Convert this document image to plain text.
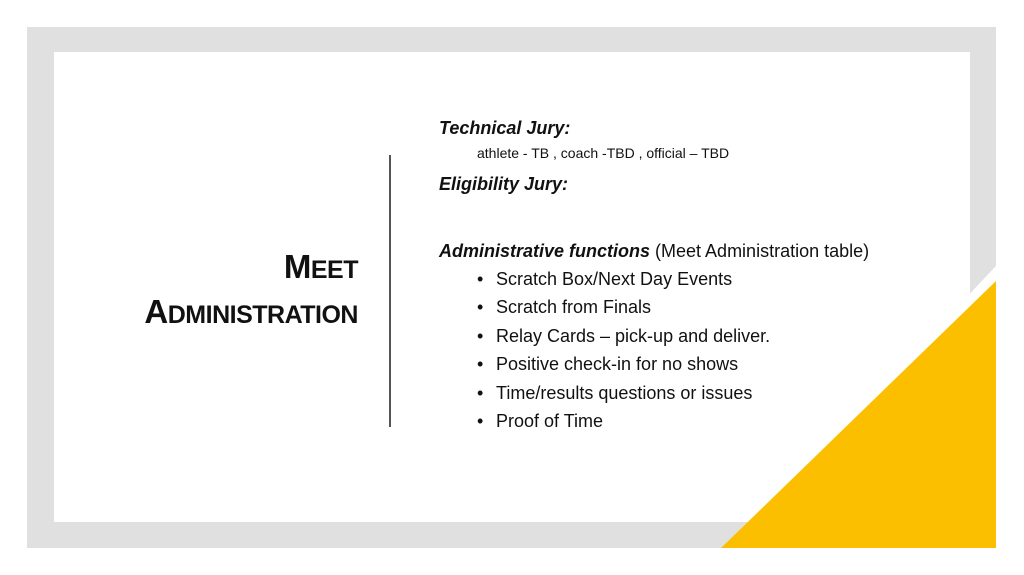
MEET
ADMINISTRATION

Technical Jury:

athlete - TB , coach -TBD , official – TBD

Eligibility Jury:

Administrative functions (Meet Administration table)
• Scratch Box/Next Day Events
• Scratch from Finals
• Relay Cards – pick-up and deliver.
• Positive check-in for no shows
• Time/results questions or issues
• Proof of Time
